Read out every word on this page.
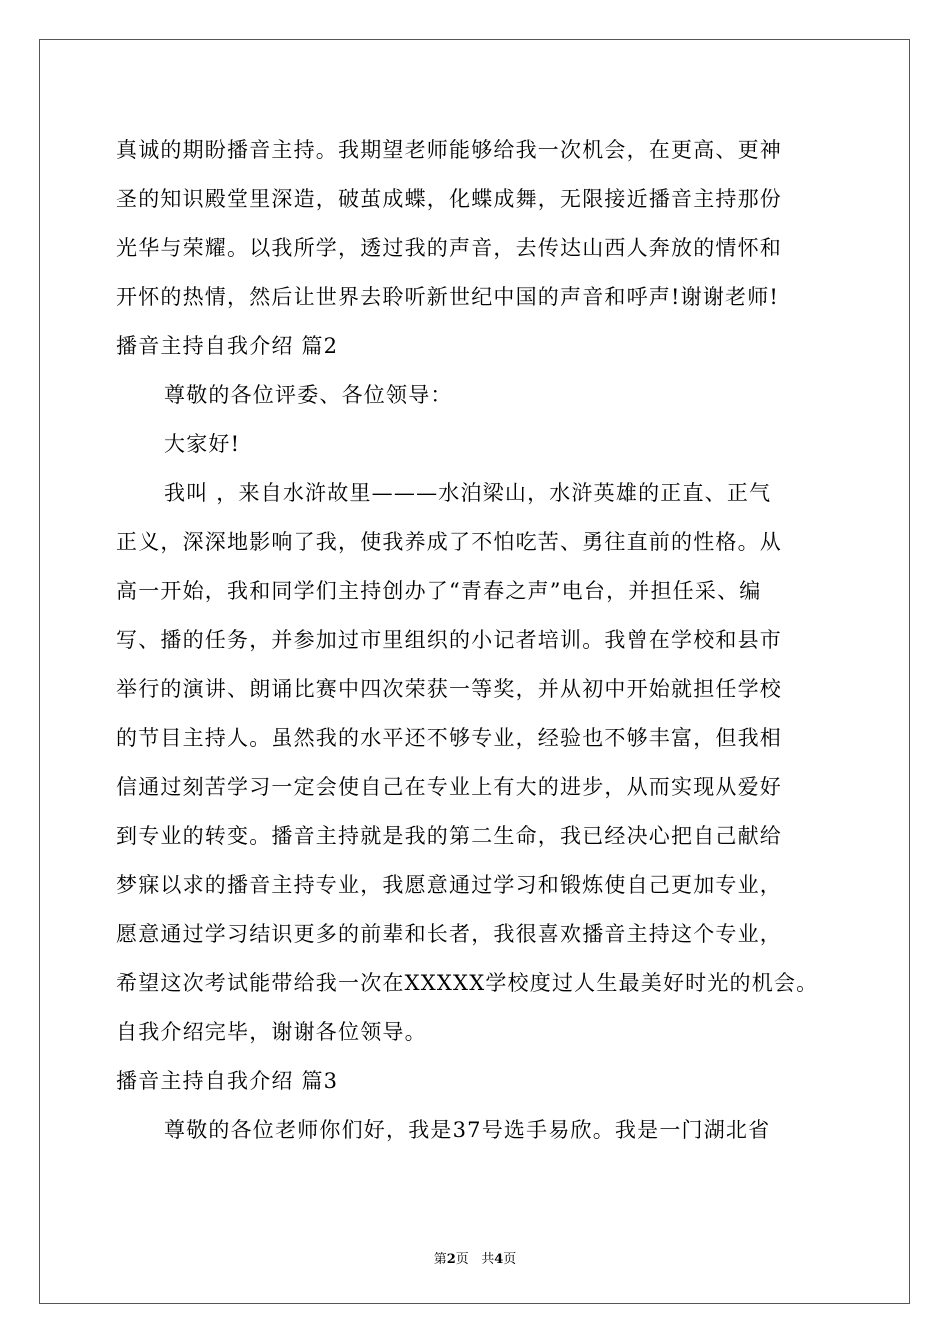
真诚的期盼播音主持。我期望老师能够给我一次机会，在更高、更神
圣的知识殿堂里深造，破茧成蝶，化蝶成舞，无限接近播音主持那份
光华与荣耀。以我所学，透过我的声音，去传达山西人奔放的情怀和
开怀的热情，然后让世界去聆听新世纪中国的声音和呼声!谢谢老师!
播音主持自我介绍 篇2
尊敬的各位评委、各位领导：
大家好!
我叫 ，来自水浒故里———水泊梁山，水浒英雄的正直、正气
正义，深深地影响了我，使我养成了不怕吃苦、勇往直前的性格。从
高一开始，我和同学们主持创办了“青春之声”电台，并担任采、编
写、播的任务，并参加过市里组织的小记者培训。我曾在学校和县市
举行的演讲、朗诵比赛中四次荣获一等奖，并从初中开始就担任学校
的节目主持人。虽然我的水平还不够专业，经验也不够丰富，但我相
信通过刻苦学习一定会使自己在专业上有大的进步，从而实现从爱好
到专业的转变。播音主持就是我的第二生命，我已经决心把自己献给
梦寐以求的播音主持专业，我愿意通过学习和锻炼使自己更加专业，
愿意通过学习结识更多的前辈和长者，我很喜欢播音主持这个专业，
希望这次考试能带给我一次在XXXXX学校度过人生最美好时光的机会。
自我介绍完毕，谢谢各位领导。
播音主持自我介绍 篇3
尊敬的各位老师你们好，我是37号选手易欣。我是一门湖北省
第2页 共4页
